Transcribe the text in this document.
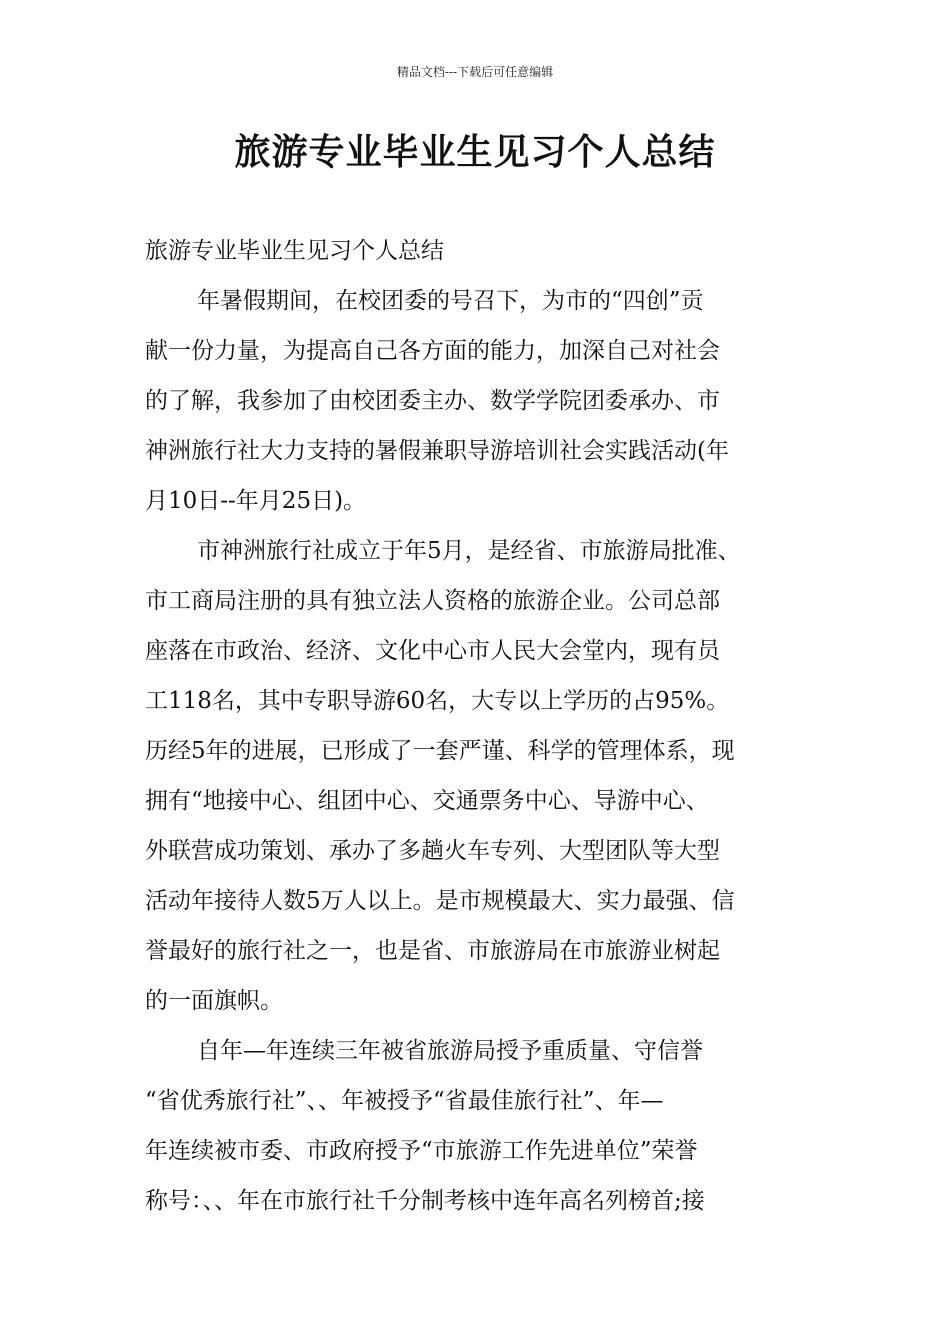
精品文档---下载后可任意编辑
旅游专业毕业生见习个人总结

旅游专业毕业生见习个人总结

年暑假期间，在校团委的号召下，为市的“四创”贡
献一份力量，为提高自己各方面的能力，加深自己对社会
的了解，我参加了由校团委主办、数学学院团委承办、市
神洲旅行社大力支持的暑假兼职导游培训社会实践活动(年
月10日--年月25日)。
市神洲旅行社成立于年5月，是经省、市旅游局批准、
市工商局注册的具有独立法人资格的旅游企业。公司总部
座落在市政治、经济、文化中心市人民大会堂内，现有员
工118名，其中专职导游60名，大专以上学历的占95%。
历经5年的进展，已形成了一套严谨、科学的管理体系，现
拥有“地接中心、组团中心、交通票务中心、导游中心、
外联营成功策划、承办了多趟火车专列、大型团队等大型
活动年接待人数5万人以上。是市规模最大、实力最强、信
誉最好的旅行社之一，也是省、市旅游局在市旅游业树起
的一面旗帜。
自年—年连续三年被省旅游局授予重质量、守信誉
“省优秀旅行社”、、年被授予“省最佳旅行社”、年—
年连续被市委、市政府授予“市旅游工作先进单位”荣誉
称号：、、年在市旅行社千分制考核中连年高名列榜首;接
